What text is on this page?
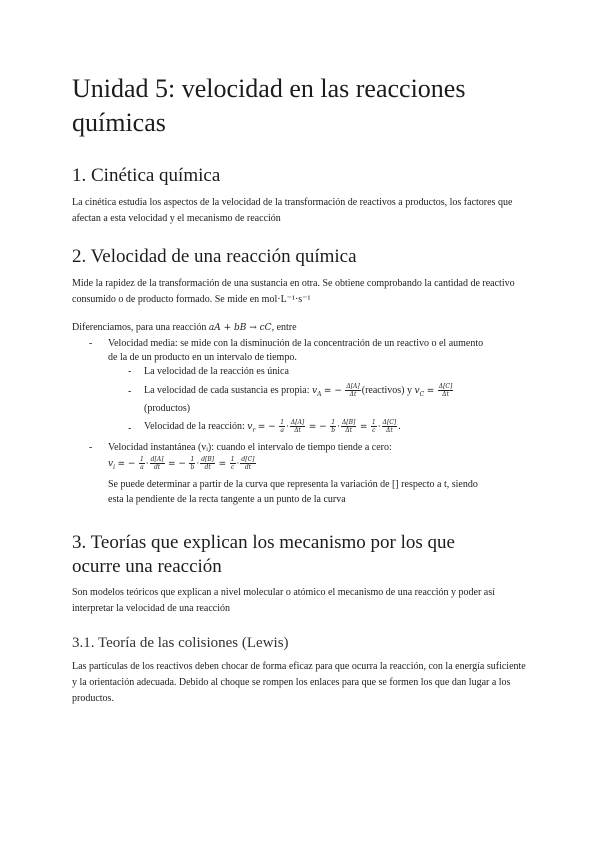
Unidad 5: velocidad en las reacciones químicas
1. Cinética química

La cinética estudia los aspectos de la velocidad de la transformación de reactivos a productos, los factores que afectan a esta velocidad y el mecanismo de reacción

2. Velocidad de una reacción química

Mide la rapidez de la transformación de una sustancia en otra. Se obtiene comprobando la cantidad de reactivo consumido o de producto formado. Se mide en mol·L⁻¹·s⁻¹

Diferenciamos, para una reacción aA + bB → cC, entre
- Velocidad media: se mide con la disminución de la concentración de un reactivo o el aumento
de la de un producto en un intervalo de tiempo.
- La velocidad de la reacción es única
- La velocidad de cada sustancia es propia: $v_A$ = − $\frac{\Delta[A]}{\Delta t}$ (reactivos) y $v_C = \frac{\Delta[C]}{\Delta t}$
(productos)
- Velocidad de la reacción: $v_r$ = − $\frac{1}{a} \cdot \frac{\Delta[A]}{\Delta t}$ = − $\frac{1}{b} \cdot \frac{\Delta[B]}{\Delta t} = \frac{1}{c} \cdot \frac{\Delta[C]}{\Delta t}$ .
- Velocidad instantánea (vᵢ): cuando el intervalo de tiempo tiende a cero:
$v_i$ = − $\frac{1}{a} \cdot \frac{d[A]}{dt}$ = − $\frac{1}{b} \cdot \frac{d[B]}{dt} = \frac{1}{c} \cdot \frac{d[C]}{dt}$
Se puede determinar a partir de la curva que representa la variación de [] respecto a t, siendo
esta la pendiente de la recta tangente a un punto de la curva
3. Teorías que explican los mecanismo por los que
ocurre una reacción

Son modelos teóricos que explican a nivel molecular o atómico el mecanismo de una reacción y poder así interpretar la velocidad de una reacción

3.1. Teoría de las colisiones (Lewis)

Las partículas de los reactivos deben chocar de forma eficaz para que ocurra la reacción, con la energía suficiente y la orientación adecuada. Debido al choque se rompen los enlaces para que se formen los que dan lugar a los productos.
